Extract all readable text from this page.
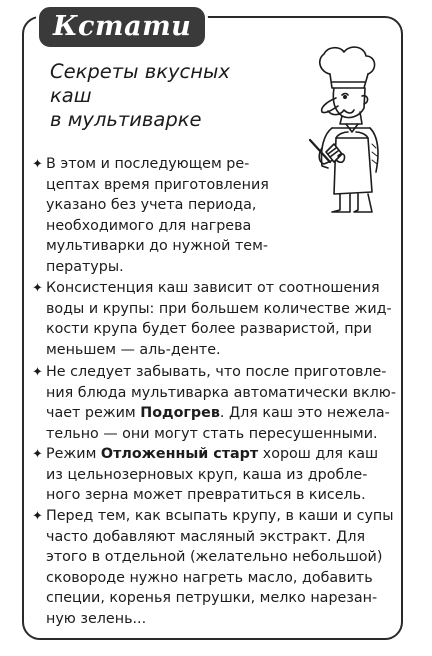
Кстати
Секреты вкусных
каш
в мультиварке
✦ В этом и последующем ре-
цептах время приготовления
указано без учета периода,
необходимого для нагрева
мультиварки до нужной тем-
пературы.
✦ Консистенция каш зависит от соотношения
воды и крупы: при большем количестве жид-
кости крупа будет более разваристой, при
меньшем — аль-денте.
✦ Не следует забывать, что после приготовле-
ния блюда мультиварка автоматически вклю-
чает режим Подогрев. Для каш это нежела-
тельно — они могут стать пересушенными.
✦ Режим Отложенный старт хорош для каш
из цельнозерновых круп, каша из дробле-
ного зерна может превратиться в кисель.
✦ Перед тем, как всыпать крупу, в каши и супы
часто добавляют масляный экстракт. Для
этого в отдельной (желательно небольшой)
сковороде нужно нагреть масло, добавить
специи, коренья петрушки, мелко нарезан-
ную зелень...
